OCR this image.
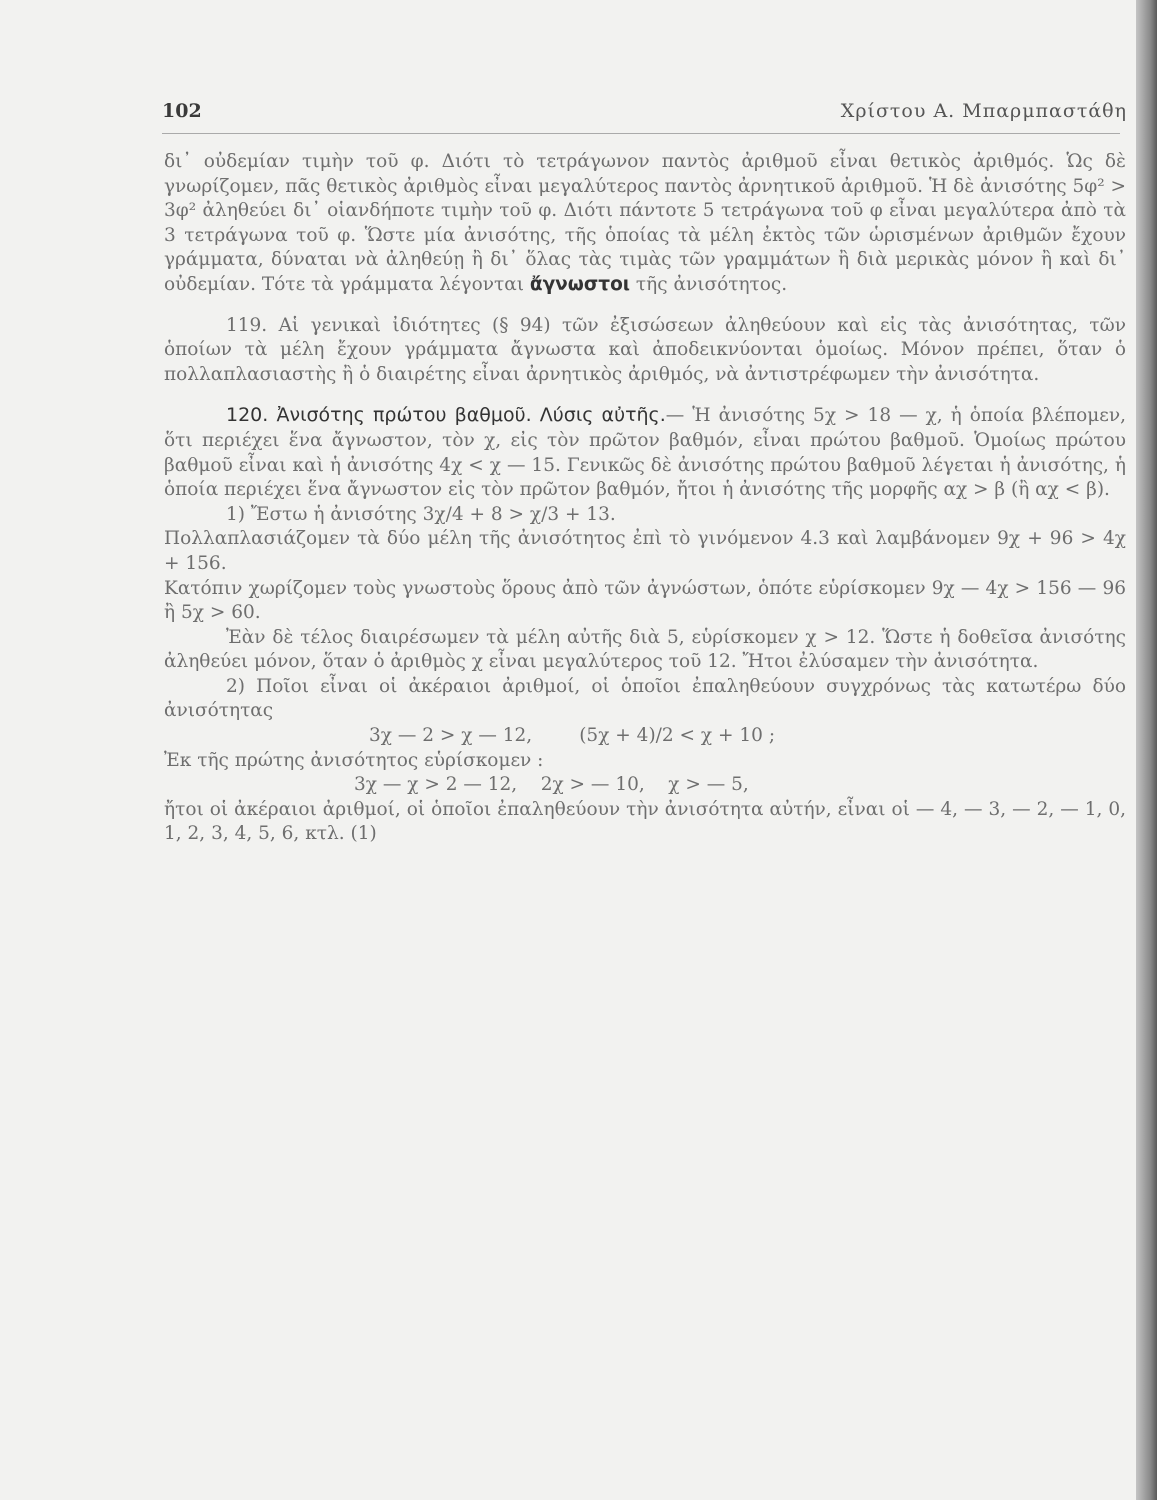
102	Χρίστου Α. Μπαρμπαστάθη

δι᾿ οὐδεμίαν τιμὴν τοῦ φ. Διότι τὸ τετράγωνον παντὸς ἀριθμοῦ εἶναι θετικὸς ἀριθμός. Ὡς δὲ γνωρίζομεν, πᾶς θετικὸς ἀριθμὸς εἶναι μεγαλύτερος παντὸς ἀρνητικοῦ ἀριθμοῦ. Ἡ δὲ ἀνισότης 5φ² > 3φ² ἀληθεύει δι᾿ οἱανδήποτε τιμὴν τοῦ φ. Διότι πάντοτε 5 τετράγωνα τοῦ φ εἶναι μεγαλύτερα ἀπὸ τὰ 3 τετράγωνα τοῦ φ. Ὥστε μία ἀνισότης, τῆς ὁποίας τὰ μέλη ἐκτὸς τῶν ὡρισμένων ἀριθμῶν ἔχουν γράμματα, δύναται νὰ ἀληθεύῃ ἢ δι᾿ ὅλας τὰς τιμὰς τῶν γραμμάτων ἢ διὰ μερικὰς μόνον ἢ καὶ δι᾿ οὐδεμίαν. Τότε τὰ γράμματα λέγονται ἄγνωστοι τῆς ἀνισότητος.

119. Αἱ γενικαὶ ἰδιότητες (§ 94) τῶν ἐξισώσεων ἀληθεύουν καὶ εἰς τὰς ἀνισότητας, τῶν ὁποίων τὰ μέλη ἔχουν γράμματα ἄγνωστα καὶ ἀποδεικνύονται ὁμοίως. Μόνον πρέπει, ὅταν ὁ πολλαπλασιαστὴς ἢ ὁ διαιρέτης εἶναι ἀρνητικὸς ἀριθμός, νὰ ἀντιστρέφωμεν τὴν ἀνισότητα.

120. Ἀνισότης πρώτου βαθμοῦ. Λύσις αὐτῆς.— Ἡ ἀνισότης 5χ > 18 — χ, ἡ ὁποία βλέπομεν, ὅτι περιέχει ἕνα ἄγνωστον, τὸν χ, εἰς τὸν πρῶτον βαθμόν, εἶναι πρώτου βαθμοῦ. Ὁμοίως πρώτου βαθμοῦ εἶναι καὶ ἡ ἀνισότης 4χ < χ — 15. Γενικῶς δὲ ἀνισότης πρώτου βαθμοῦ λέγεται ἡ ἀνισότης, ἡ ὁποία περιέχει ἕνα ἄγνωστον εἰς τὸν πρῶτον βαθμόν, ἤτοι ἡ ἀνισότης τῆς μορφῆς αχ > β (ἢ αχ < β).

1) Ἔστω ἡ ἀνισότης 3χ/4 + 8 > χ/3 + 13.

Πολλαπλασιάζομεν τὰ δύο μέλη τῆς ἀνισότητος ἐπὶ τὸ γινόμενον 4.3 καὶ λαμβάνομεν 9χ + 96 > 4χ + 156.

Κατόπιν χωρίζομεν τοὺς γνωστοὺς ὅρους ἀπὸ τῶν ἀγνώστων, ὁπότε εὑρίσκομεν 9χ — 4χ > 156 — 96 ἢ 5χ > 60.

Ἐὰν δὲ τέλος διαιρέσωμεν τὰ μέλη αὐτῆς διὰ 5, εὑρίσκομεν χ > 12. Ὥστε ἡ δοθεῖσα ἀνισότης ἀληθεύει μόνον, ὅταν ὁ ἀριθμὸς χ εἶναι μεγαλύτερος τοῦ 12. Ἤτοι ἐλύσαμεν τὴν ἀνισότητα.

2) Ποῖοι εἶναι οἱ ἀκέραιοι ἀριθμοί, οἱ ὁποῖοι ἐπαληθεύουν συγχρόνως τὰς κατωτέρω δύο ἀνισότητας

3χ — 2 > χ — 12,        (5χ + 4)/2 < χ + 10 ;

Ἐκ τῆς πρώτης ἀνισότητος εὑρίσκομεν :

3χ — χ > 2 — 12,    2χ > — 10,    χ > — 5,

ἤτοι οἱ ἀκέραιοι ἀριθμοί, οἱ ὁποῖοι ἐπαληθεύουν τὴν ἀνισότητα αὐτήν, εἶναι οἱ — 4, — 3, — 2, — 1, 0, 1, 2, 3, 4, 5, 6, κτλ. (1)
